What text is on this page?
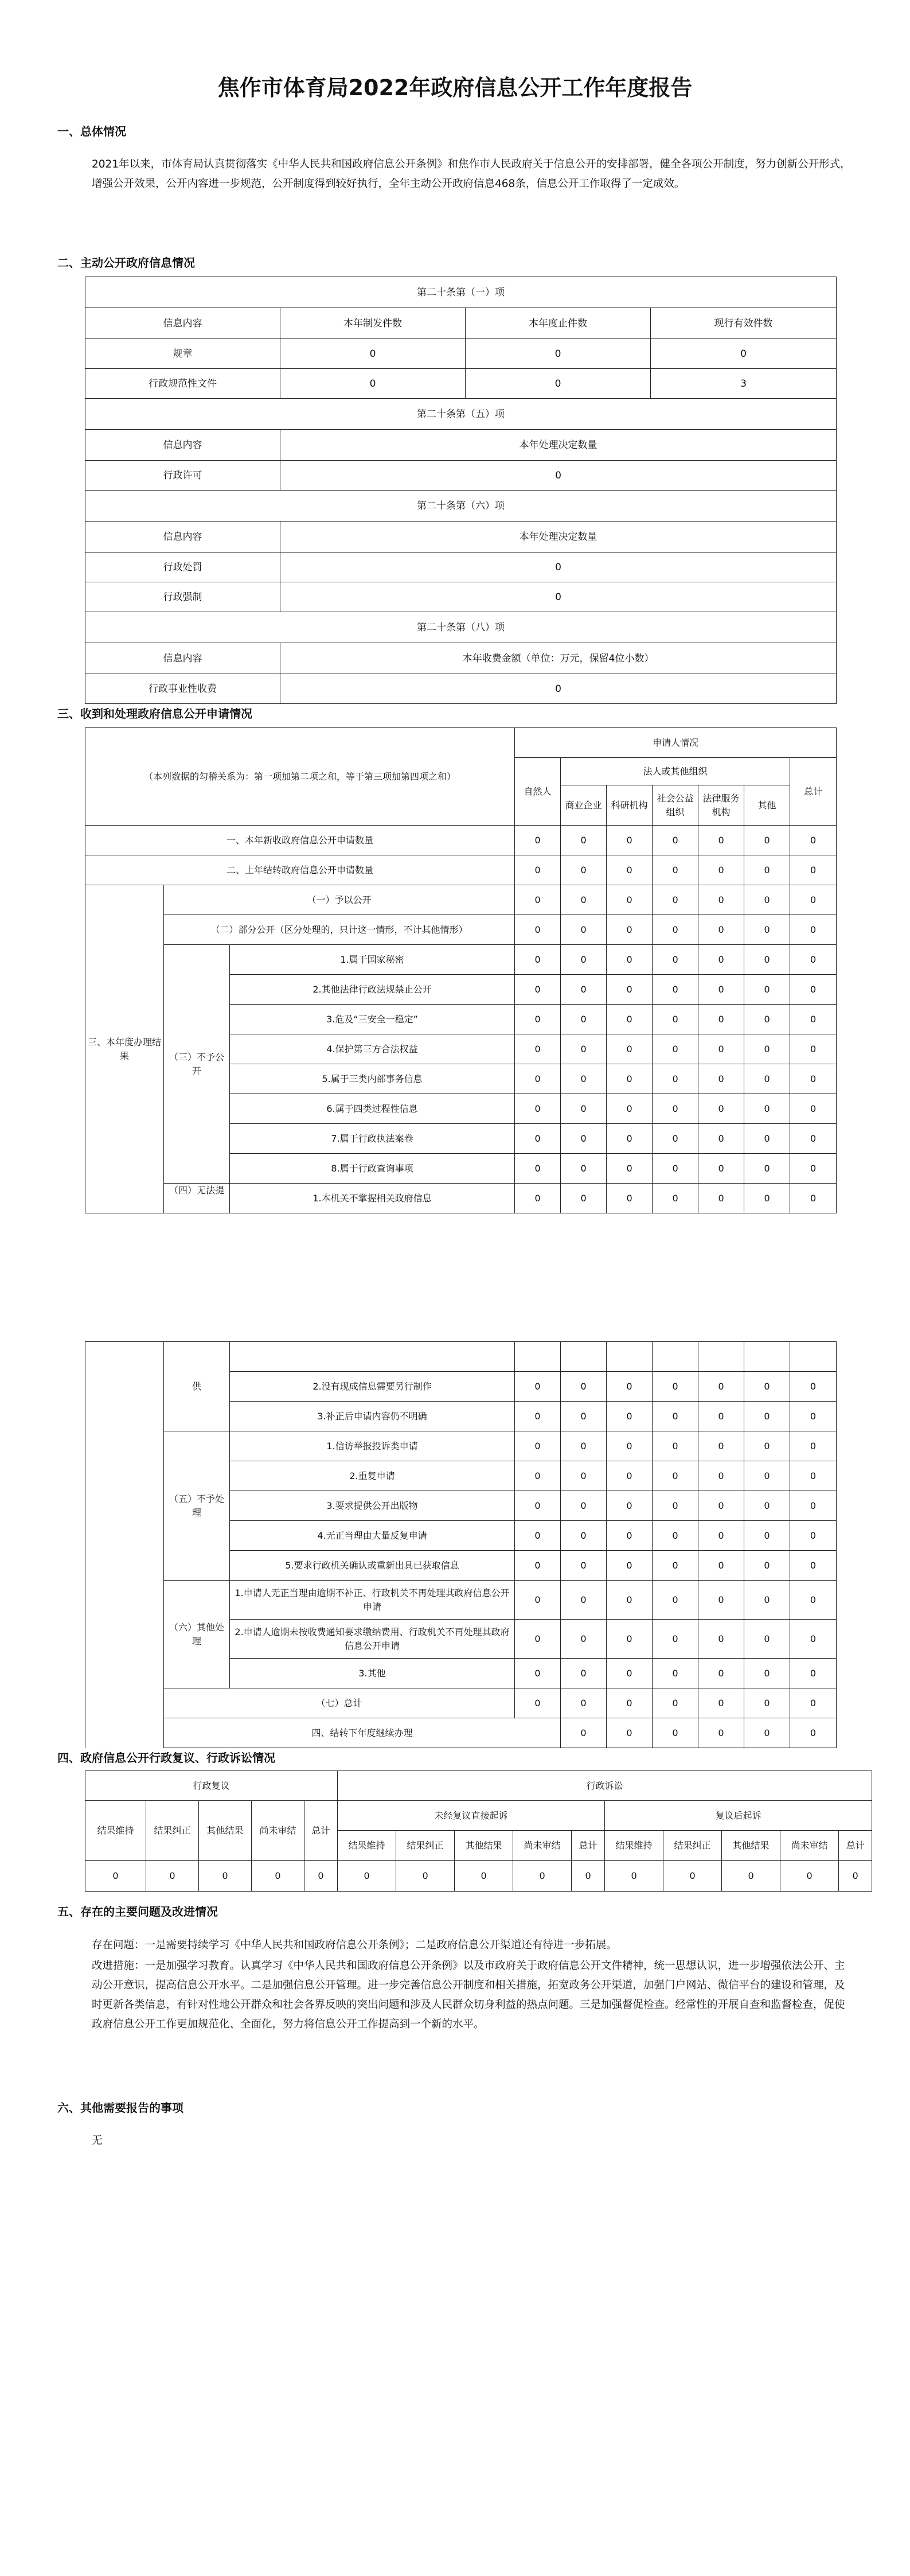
焦作市体育局2022年政府信息公开工作年度报告
一、总体情况
2021年以来，市体育局认真贯彻落实《中华人民共和国政府信息公开条例》和焦作市人民政府关于信息公开的安排部署，健全各项公开制度，努力创新公开形式，增强公开效果，公开内容进一步规范，公开制度得到较好执行，全年主动公开政府信息468条，信息公开工作取得了一定成效。
二、主动公开政府信息情况
第二十条第（一）项			
信息内容	本年制发件数	本年度止件数	现行有效件数
规章	0	0	0
行政规范性文件	0	0	3
第二十条第（五）项			
信息内容	本年处理决定数量		
行政许可	0		
第二十条第（六）项			
信息内容	本年处理决定数量		
行政处罚	0		
行政强制	0		
第二十条第（八）项			
信息内容	本年收费金额（单位：万元，保留4位小数）		
行政事业性收费	0		
三、收到和处理政府信息公开申请情况
（本列数据的勾稽关系为：第一项加第二项之和，等于第三项加第四项之和）			申请人情况						
			自然人	法人或其他组织					总计
				商业企业	科研机构	社会公益组织	法律服务机构	其他	
一、本年新收政府信息公开申请数量			0	0	0	0	0	0	0
二、上年结转政府信息公开申请数量			0	0	0	0	0	0	0
三、本年度办理结果	（一）予以公开		0	0	0	0	0	0	0
	（二）部分公开（区分处理的，只计这一情形，不计其他情形）		0	0	0	0	0	0	0
	（三）不予公开	1.属于国家秘密	0	0	0	0	0	0	0
		2.其他法律行政法规禁止公开	0	0	0	0	0	0	0
		3.危及“三安全一稳定”	0	0	0	0	0	0	0
		4.保护第三方合法权益	0	0	0	0	0	0	0
		5.属于三类内部事务信息	0	0	0	0	0	0	0
		6.属于四类过程性信息	0	0	0	0	0	0	0
		7.属于行政执法案卷	0	0	0	0	0	0	0
		8.属于行政查询事项	0	0	0	0	0	0	0
	（四）无法提	1.本机关不掌握相关政府信息	0	0	0	0	0	0	0
	供									
		2.没有现成信息需要另行制作	0	0	0	0	0	0	0	
		3.补正后申请内容仍不明确	0	0	0	0	0	0	0	
	（五）不予处理	1.信访举报投诉类申请	0	0	0	0	0	0	0	
		2.重复申请	0	0	0	0	0	0	0	
		3.要求提供公开出版物	0	0	0	0	0	0	0	
		4.无正当理由大量反复申请	0	0	0	0	0	0	0	
		5.要求行政机关确认或重新出具已获取信息	0	0	0	0	0	0	0	
	（六）其他处理	1.申请人无正当理由逾期不补正、行政机关不再处理其政府信息公开申请	0	0	0	0	0	0	0	
		2.申请人逾期未按收费通知要求缴纳费用、行政机关不再处理其政府信息公开申请	0	0	0	0	0	0	0	
		3.其他	0	0	0	0	0	0	0	
	（七）总计		0	0	0	0	0	0	0	
	四、结转下年度继续办理			0	0	0	0	0	0	
四、政府信息公开行政复议、行政诉讼情况
行政复议					行政诉讼									
结果维持	结果纠正	其他结果	尚未审结	总计	未经复议直接起诉					复议后起诉				
					结果维持	结果纠正	其他结果	尚未审结	总计	结果维持	结果纠正	其他结果	尚未审结	总计
0	0	0	0	0	0	0	0	0	0	0	0	0	0	0
五、存在的主要问题及改进情况
存在问题：一是需要持续学习《中华人民共和国政府信息公开条例》；二是政府信息公开渠道还有待进一步拓展。
改进措施：一是加强学习教育。认真学习《中华人民共和国政府信息公开条例》以及市政府关于政府信息公开文件精神，统一思想认识，进一步增强依法公开、主动公开意识，提高信息公开水平。二是加强信息公开管理。进一步完善信息公开制度和相关措施，拓宽政务公开渠道，加强门户网站、微信平台的建设和管理，及时更新各类信息，有针对性地公开群众和社会各界反映的突出问题和涉及人民群众切身利益的热点问题。三是加强督促检查。经常性的开展自查和监督检查，促使政府信息公开工作更加规范化、全面化，努力将信息公开工作提高到一个新的水平。
六、其他需要报告的事项
无
